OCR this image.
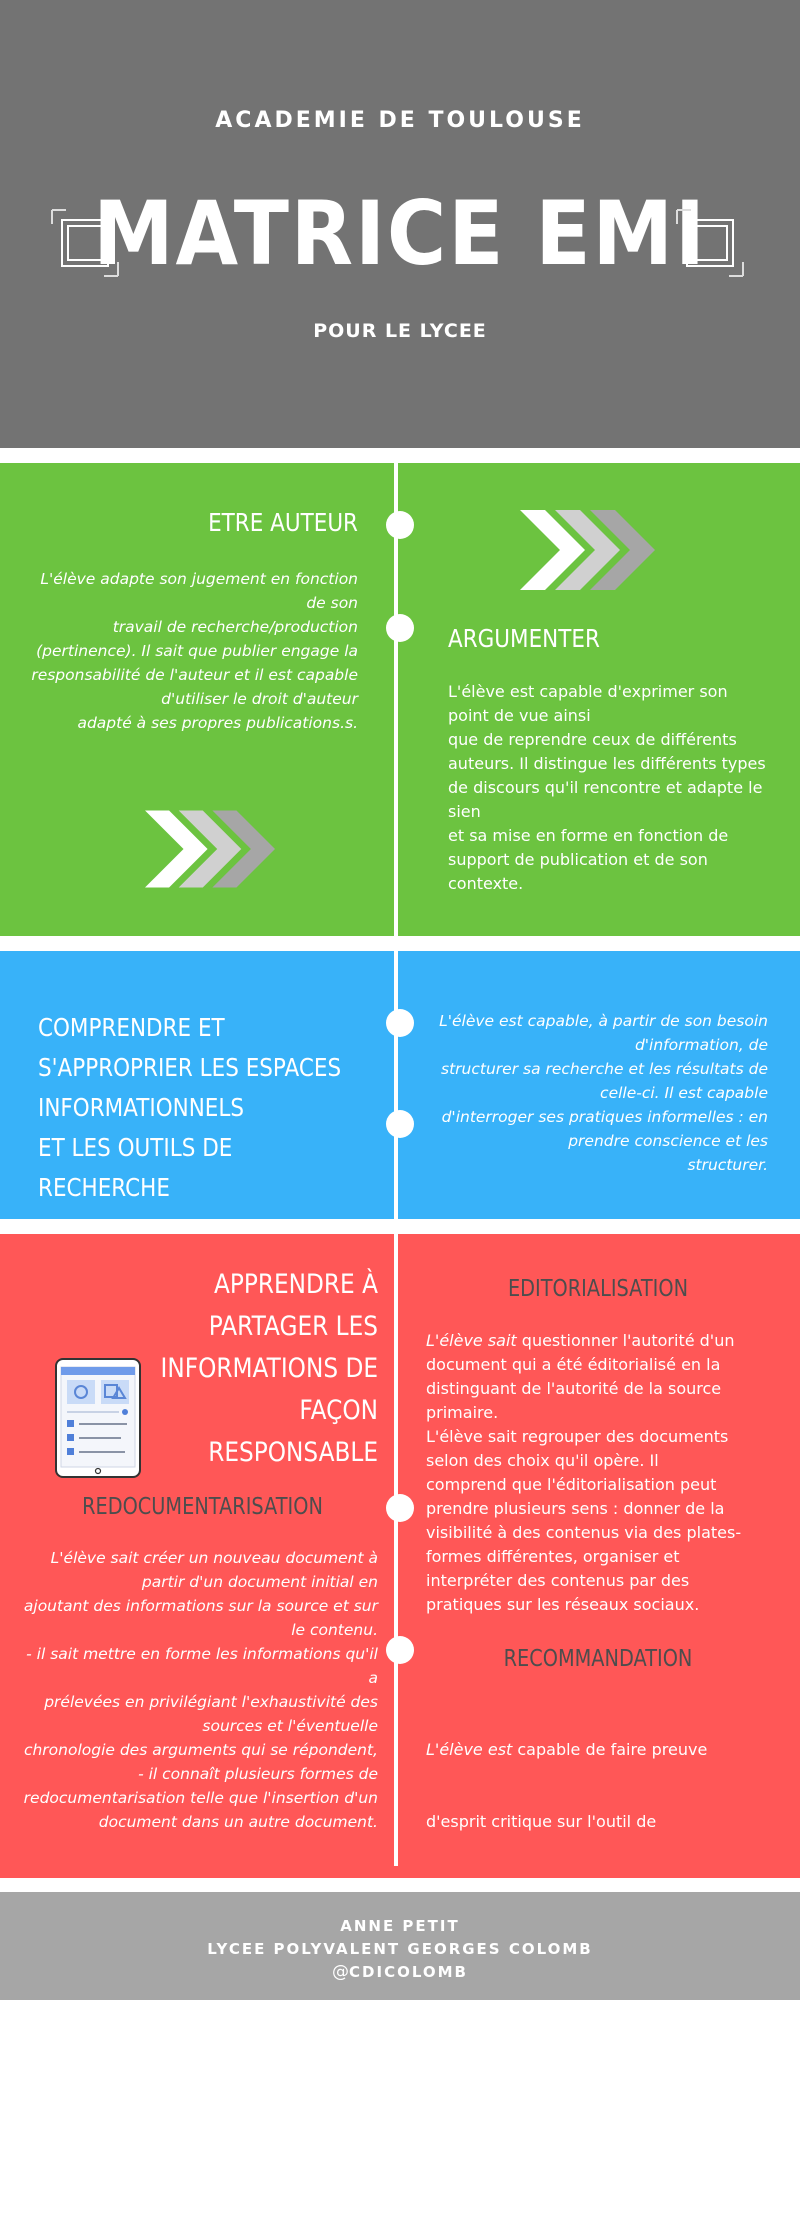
ACADEMIE DE TOULOUSE
MATRICE EMI
POUR LE LYCEE
ETRE AUTEUR
L'élève adapte son jugement en fonction
de son
travail de recherche/production
(pertinence). Il sait que publier engage la
responsabilité de l'auteur et il est capable
d'utiliser le droit d'auteur
adapté à ses propres publications.s.
ARGUMENTER
L'élève est capable d'exprimer son
point de vue ainsi
que de reprendre ceux de différents
auteurs. Il distingue les différents types
de discours qu'il rencontre et adapte le
sien
et sa mise en forme en fonction de
support de publication et de son
contexte.
COMPRENDRE ET
S'APPROPRIER LES ESPACES
INFORMATIONNELS
ET LES OUTILS DE RECHERCHE
L'élève est capable, à partir de son besoin
d'information, de
structurer sa recherche et les résultats de
celle-ci. Il est capable
d'interroger ses pratiques informelles : en
prendre conscience et les
structurer.
APPRENDRE À PARTAGER LES
INFORMATIONS DE FAÇON
RESPONSABLE
REDOCUMENTARISATION
L'élève sait créer un nouveau document à
partir d'un document initial en
ajoutant des informations sur la source et sur
le contenu.
- il sait mettre en forme les informations qu'il a
prélevées en privilégiant l'exhaustivité des
sources et l'éventuelle
chronologie des arguments qui se répondent,
- il connaît plusieurs formes de
redocumentarisation telle que l'insertion d'un
document dans un autre document.
EDITORIALISATION
L'élève sait questionner l'autorité d'un
document qui a été éditorialisé en la
distinguant de l'autorité de la source
primaire.
L'élève sait regrouper des documents
selon des choix qu'il opère. Il
comprend que l'éditorialisation peut
prendre plusieurs sens : donner de la
visibilité à des contenus via des plates-
formes différentes, organiser et
interpréter des contenus par des
pratiques sur les réseaux sociaux.
RECOMMANDATION

L'élève est capable de faire preuve

d'esprit critique sur l'outil de

en fonction du public avec lequel

il veut partager ses informations ou

ses ressources.

ANNE PETIT
LYCEE POLYVALENT GEORGES COLOMB
@CDICOLOMB
